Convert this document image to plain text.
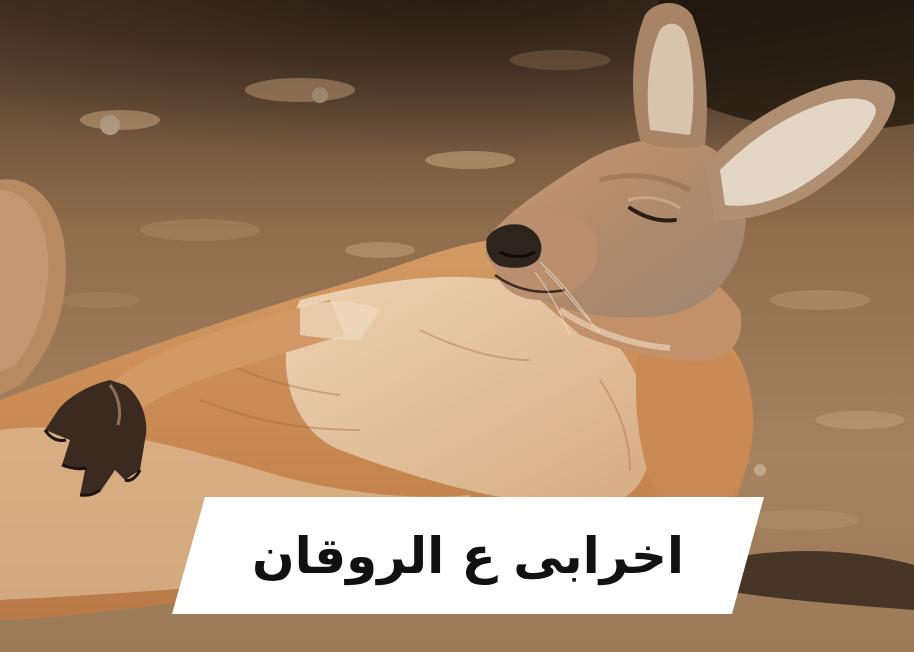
اخرابى ع الروقان
